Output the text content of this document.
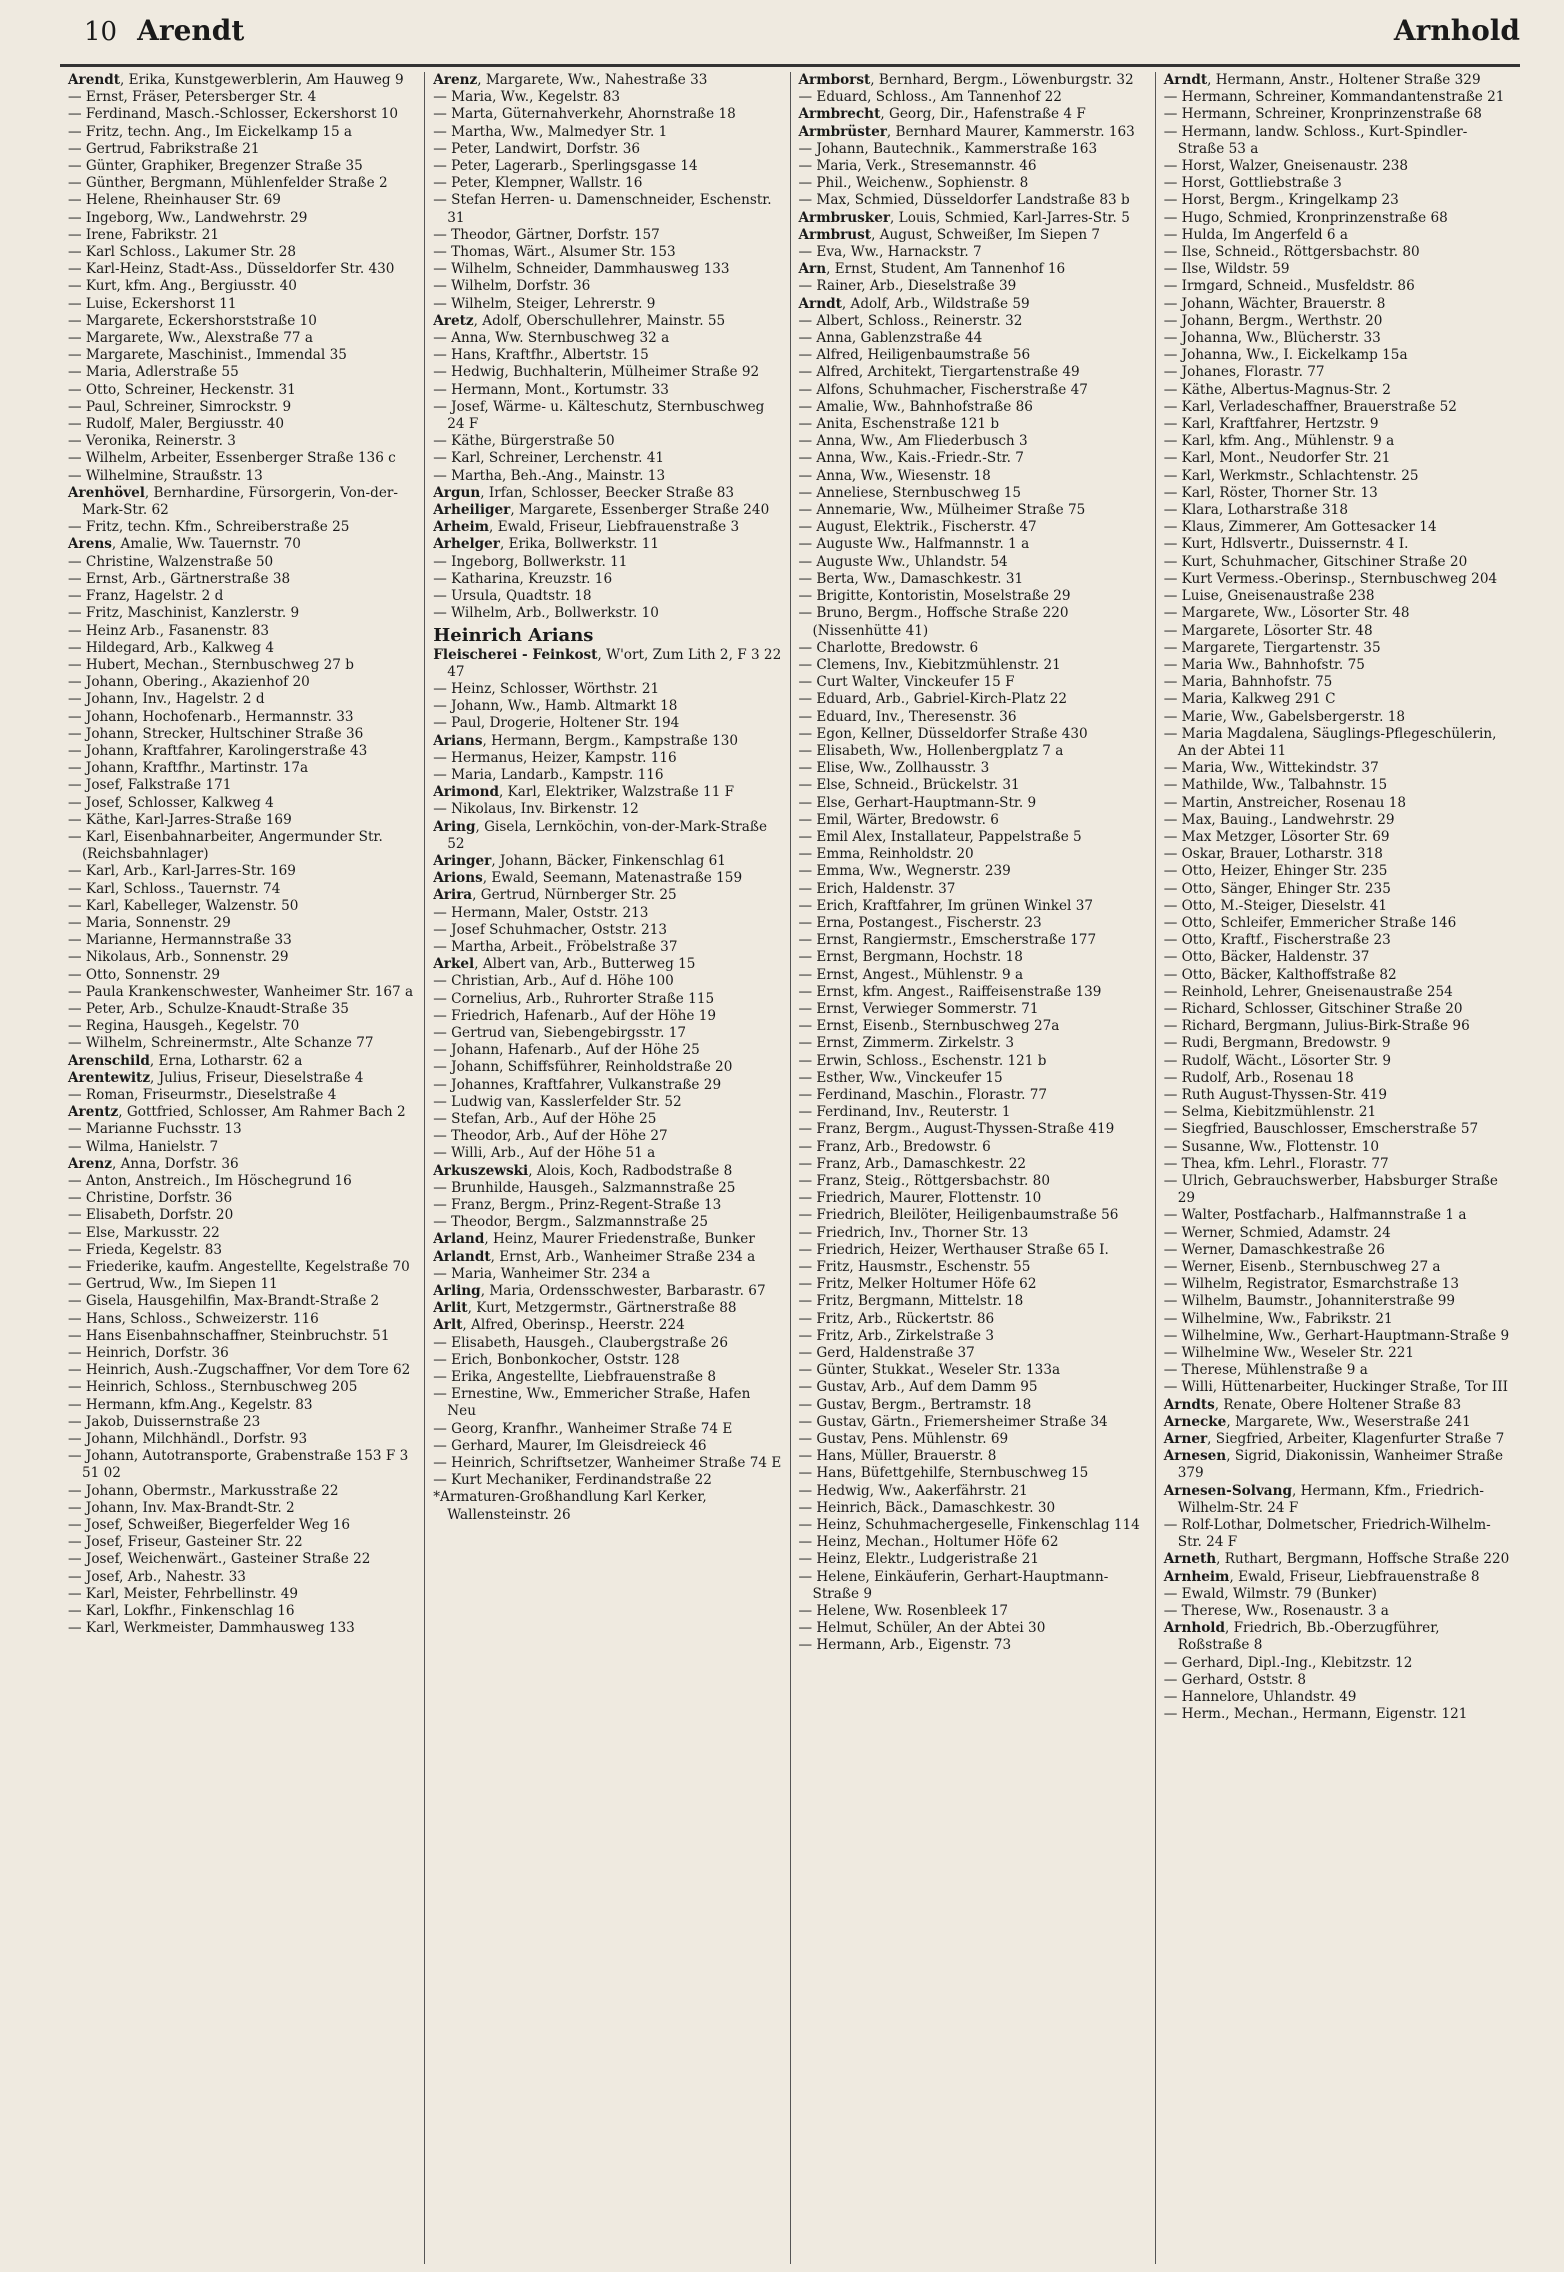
10 Arendt	Arnhold

Arendt, Erika, Kunstgewerblerin, Am Hauweg 9

— Ernst, Fräser, Petersberger Str. 4

— Ferdinand, Masch.-Schlosser, Eckershorst 10

— Fritz, techn. Ang., Im Eickelkamp 15 a

— Gertrud, Fabrikstraße 21

— Günter, Graphiker, Bregenzer Straße 35

— Günther, Bergmann, Mühlenfelder Straße 2

— Helene, Rheinhauser Str. 69

— Ingeborg, Ww., Landwehrstr. 29

— Irene, Fabrikstr. 21

— Karl Schloss., Lakumer Str. 28

— Karl-Heinz, Stadt-Ass., Düsseldorfer Str. 430

— Kurt, kfm. Ang., Bergiusstr. 40

— Luise, Eckershorst 11

— Margarete, Eckershorststraße 10

— Margarete, Ww., Alexstraße 77 a

— Margarete, Maschinist., Immendal 35

— Maria, Adlerstraße 55

— Otto, Schreiner, Heckenstr. 31

— Paul, Schreiner, Simrockstr. 9

— Rudolf, Maler, Bergiusstr. 40

— Veronika, Reinerstr. 3

— Wilhelm, Arbeiter, Essenberger Straße 136 c

— Wilhelmine, Straußstr. 13

Arenhövel, Bernhardine, Fürsorgerin, Von-der-Mark-Str. 62

— Fritz, techn. Kfm., Schreiberstraße 25

Arens, Amalie, Ww. Tauernstr. 70

— Christine, Walzenstraße 50

— Ernst, Arb., Gärtnerstraße 38

— Franz, Hagelstr. 2 d

— Fritz, Maschinist, Kanzlerstr. 9

— Heinz Arb., Fasanenstr. 83

— Hildegard, Arb., Kalkweg 4

— Hubert, Mechan., Sternbuschweg 27 b

— Johann, Obering., Akazienhof 20

— Johann, Inv., Hagelstr. 2 d

— Johann, Hochofenarb., Hermannstr. 33

— Johann, Strecker, Hultschiner Straße 36

— Johann, Kraftfahrer, Karolingerstraße 43

— Johann, Kraftfhr., Martinstr. 17a

— Josef, Falkstraße 171

— Josef, Schlosser, Kalkweg 4

— Käthe, Karl-Jarres-Straße 169

— Karl, Eisenbahnarbeiter, Angermunder Str. (Reichsbahnlager)

— Karl, Arb., Karl-Jarres-Str. 169

— Karl, Schloss., Tauernstr. 74

— Karl, Kabelleger, Walzenstr. 50

— Maria, Sonnenstr. 29

— Marianne, Hermannstraße 33

— Nikolaus, Arb., Sonnenstr. 29

— Otto, Sonnenstr. 29

— Paula Krankenschwester, Wanheimer Str. 167 a

— Peter, Arb., Schulze-Knaudt-Straße 35

— Regina, Hausgeh., Kegelstr. 70

— Wilhelm, Schreinermstr., Alte Schanze 77

Arenschild, Erna, Lotharstr. 62 a

Arentewitz, Julius, Friseur, Dieselstraße 4

— Roman, Friseurmstr., Dieselstraße 4

Arentz, Gottfried, Schlosser, Am Rahmer Bach 2

— Marianne Fuchsstr. 13

— Wilma, Hanielstr. 7

Arenz, Anna, Dorfstr. 36

— Anton, Anstreich., Im Höschegrund 16

— Christine, Dorfstr. 36

— Elisabeth, Dorfstr. 20

— Else, Markusstr. 22

— Frieda, Kegelstr. 83

— Friederike, kaufm. Angestellte, Kegelstraße 70

— Gertrud, Ww., Im Siepen 11

— Gisela, Hausgehilfin, Max-Brandt-Straße 2

— Hans, Schloss., Schweizerstr. 116

— Hans Eisenbahnschaffner, Steinbruchstr. 51

— Heinrich, Dorfstr. 36

— Heinrich, Aush.-Zugschaffner, Vor dem Tore 62

— Heinrich, Schloss., Sternbuschweg 205

— Hermann, kfm.Ang., Kegelstr. 83

— Jakob, Duissernstraße 23

— Johann, Milchhändl., Dorfstr. 93

— Johann, Autotransporte, Grabenstraße 153 F 3 51 02

— Johann, Obermstr., Markusstraße 22

— Johann, Inv. Max-Brandt-Str. 2

— Josef, Schweißer, Biegerfelder Weg 16

— Josef, Friseur, Gasteiner Str. 22

— Josef, Weichenwärt., Gasteiner Straße 22

— Josef, Arb., Nahestr. 33

— Karl, Meister, Fehrbellinstr. 49

— Karl, Lokfhr., Finkenschlag 16

— Karl, Werkmeister, Dammhausweg 133

Arenz, Margarete, Ww., Nahestraße 33

— Maria, Ww., Kegelstr. 83

— Marta, Güternahverkehr, Ahornstraße 18

— Martha, Ww., Malmedyer Str. 1

— Peter, Landwirt, Dorfstr. 36

— Peter, Lagerarb., Sperlingsgasse 14

— Peter, Klempner, Wallstr. 16

— Stefan Herren- u. Damenschneider, Eschenstr. 31

— Theodor, Gärtner, Dorfstr. 157

— Thomas, Wärt., Alsumer Str. 153

— Wilhelm, Schneider, Dammhausweg 133

— Wilhelm, Dorfstr. 36

— Wilhelm, Steiger, Lehrerstr. 9

Aretz, Adolf, Oberschullehrer, Mainstr. 55

— Anna, Ww. Sternbuschweg 32 a

— Hans, Kraftfhr., Albertstr. 15

— Hedwig, Buchhalterin, Mülheimer Straße 92

— Hermann, Mont., Kortumstr. 33

— Josef, Wärme- u. Kälteschutz, Sternbuschweg 24 F

— Käthe, Bürgerstraße 50

— Karl, Schreiner, Lerchenstr. 41

— Martha, Beh.-Ang., Mainstr. 13

Argun, Irfan, Schlosser, Beecker Straße 83

Arheiliger, Margarete, Essenberger Straße 240

Arheim, Ewald, Friseur, Liebfrauenstraße 3

Arhelger, Erika, Bollwerkstr. 11

— Ingeborg, Bollwerkstr. 11

— Katharina, Kreuzstr. 16

— Ursula, Quadtstr. 18

— Wilhelm, Arb., Bollwerkstr. 10

Heinrich Arians

Fleischerei - Feinkost, W'ort, Zum Lith 2, F 3 22 47

— Heinz, Schlosser, Wörthstr. 21

— Johann, Ww., Hamb. Altmarkt 18

— Paul, Drogerie, Holtener Str. 194

Arians, Hermann, Bergm., Kampstraße 130

— Hermanus, Heizer, Kampstr. 116

— Maria, Landarb., Kampstr. 116

Arimond, Karl, Elektriker, Walzstraße 11 F

— Nikolaus, Inv. Birkenstr. 12

Aring, Gisela, Lernköchin, von-der-Mark-Straße 52

Aringer, Johann, Bäcker, Finkenschlag 61

Arions, Ewald, Seemann, Matenastraße 159

Arira, Gertrud, Nürnberger Str. 25

— Hermann, Maler, Oststr. 213

— Josef Schuhmacher, Oststr. 213

— Martha, Arbeit., Fröbelstraße 37

Arkel, Albert van, Arb., Butterweg 15

— Christian, Arb., Auf d. Höhe 100

— Cornelius, Arb., Ruhrorter Straße 115

— Friedrich, Hafenarb., Auf der Höhe 19

— Gertrud van, Siebengebirgsstr. 17

— Johann, Hafenarb., Auf der Höhe 25

— Johann, Schiffsführer, Reinholdstraße 20

— Johannes, Kraftfahrer, Vulkanstraße 29

— Ludwig van, Kasslerfelder Str. 52

— Stefan, Arb., Auf der Höhe 25

— Theodor, Arb., Auf der Höhe 27

— Willi, Arb., Auf der Höhe 51 a

Arkuszewski, Alois, Koch, Radbodstraße 8

— Brunhilde, Hausgeh., Salzmannstraße 25

— Franz, Bergm., Prinz-Regent-Straße 13

— Theodor, Bergm., Salzmannstraße 25

Arland, Heinz, Maurer Friedenstraße, Bunker

Arlandt, Ernst, Arb., Wanheimer Straße 234 a

— Maria, Wanheimer Str. 234 a

Arling, Maria, Ordensschwester, Barbarastr. 67

Arlit, Kurt, Metzgermstr., Gärtnerstraße 88

Arlt, Alfred, Oberinsp., Heerstr. 224

— Elisabeth, Hausgeh., Claubergstraße 26

— Erich, Bonbonkocher, Oststr. 128

— Erika, Angestellte, Liebfrauenstraße 8

— Ernestine, Ww., Emmericher Straße, Hafen Neu

— Georg, Kranfhr., Wanheimer Straße 74 E

— Gerhard, Maurer, Im Gleisdreieck 46

— Heinrich, Schriftsetzer, Wanheimer Straße 74 E

— Kurt Mechaniker, Ferdinandstraße 22

*Armaturen-Großhandlung Karl Kerker, Wallensteinstr. 26

Armborst, Bernhard, Bergm., Löwenburgstr. 32

— Eduard, Schloss., Am Tannenhof 22

Armbrecht, Georg, Dir., Hafenstraße 4 F

Armbrüster, Bernhard Maurer, Kammerstr. 163

— Johann, Bautechnik., Kammerstraße 163

— Maria, Verk., Stresemannstr. 46

— Phil., Weichenw., Sophienstr. 8

— Max, Schmied, Düsseldorfer Landstraße 83 b

Armbrusker, Louis, Schmied, Karl-Jarres-Str. 5

Armbrust, August, Schweißer, Im Siepen 7

— Eva, Ww., Harnackstr. 7

Arn, Ernst, Student, Am Tannenhof 16

— Rainer, Arb., Dieselstraße 39

Arndt, Adolf, Arb., Wildstraße 59

— Albert, Schloss., Reinerstr. 32

— Anna, Gablenzstraße 44

— Alfred, Heiligenbaumstraße 56

— Alfred, Architekt, Tiergartenstraße 49

— Alfons, Schuhmacher, Fischerstraße 47

— Amalie, Ww., Bahnhofstraße 86

— Anita, Eschenstraße 121 b

— Anna, Ww., Am Fliederbusch 3

— Anna, Ww., Kais.-Friedr.-Str. 7

— Anna, Ww., Wiesenstr. 18

— Anneliese, Sternbuschweg 15

— Annemarie, Ww., Mülheimer Straße 75

— August, Elektrik., Fischerstr. 47

— Auguste Ww., Halfmannstr. 1 a

— Auguste Ww., Uhlandstr. 54

— Berta, Ww., Damaschkestr. 31

— Brigitte, Kontoristin, Moselstraße 29

— Bruno, Bergm., Hoffsche Straße 220 (Nissenhütte 41)

— Charlotte, Bredowstr. 6

— Clemens, Inv., Kiebitzmühlenstr. 21

— Curt Walter, Vinckeufer 15 F

— Eduard, Arb., Gabriel-Kirch-Platz 22

— Eduard, Inv., Theresenstr. 36

— Egon, Kellner, Düsseldorfer Straße 430

— Elisabeth, Ww., Hollenbergplatz 7 a

— Elise, Ww., Zollhausstr. 3

— Else, Schneid., Brückelstr. 31

— Else, Gerhart-Hauptmann-Str. 9

— Emil, Wärter, Bredowstr. 6

— Emil Alex, Installateur, Pappelstraße 5

— Emma, Reinholdstr. 20

— Emma, Ww., Wegnerstr. 239

— Erich, Haldenstr. 37

— Erich, Kraftfahrer, Im grünen Winkel 37

— Erna, Postangest., Fischerstr. 23

— Ernst, Rangiermstr., Emscherstraße 177

— Ernst, Bergmann, Hochstr. 18

— Ernst, Angest., Mühlenstr. 9 a

— Ernst, kfm. Angest., Raiffeisenstraße 139

— Ernst, Verwieger Sommerstr. 71

— Ernst, Eisenb., Sternbuschweg 27a

— Ernst, Zimmerm. Zirkelstr. 3

— Erwin, Schloss., Eschenstr. 121 b

— Esther, Ww., Vinckeufer 15

— Ferdinand, Maschin., Florastr. 77

— Ferdinand, Inv., Reuterstr. 1

— Franz, Bergm., August-Thyssen-Straße 419

— Franz, Arb., Bredowstr. 6

— Franz, Arb., Damaschkestr. 22

— Franz, Steig., Röttgersbachstr. 80

— Friedrich, Maurer, Flottenstr. 10

— Friedrich, Bleilöter, Heiligenbaumstraße 56

— Friedrich, Inv., Thorner Str. 13

— Friedrich, Heizer, Werthauser Straße 65 I.

— Fritz, Hausmstr., Eschenstr. 55

— Fritz, Melker Holtumer Höfe 62

— Fritz, Bergmann, Mittelstr. 18

— Fritz, Arb., Rückertstr. 86

— Fritz, Arb., Zirkelstraße 3

— Gerd, Haldenstraße 37

— Günter, Stukkat., Weseler Str. 133a

— Gustav, Arb., Auf dem Damm 95

— Gustav, Bergm., Bertramstr. 18

— Gustav, Gärtn., Friemersheimer Straße 34

— Gustav, Pens. Mühlenstr. 69

— Hans, Müller, Brauerstr. 8

— Hans, Büfettgehilfe, Sternbuschweg 15

— Hedwig, Ww., Aakerfährstr. 21

— Heinrich, Bäck., Damaschkestr. 30

— Heinz, Schuhmachergeselle, Finkenschlag 114

— Heinz, Mechan., Holtumer Höfe 62

— Heinz, Elektr., Ludgeristraße 21

— Helene, Einkäuferin, Gerhart-Hauptmann-Straße 9

— Helene, Ww. Rosenbleek 17

— Helmut, Schüler, An der Abtei 30

— Hermann, Arb., Eigenstr. 73

Arndt, Hermann, Anstr., Holtener Straße 329

— Hermann, Schreiner, Kommandantenstraße 21

— Hermann, Schreiner, Kronprinzenstraße 68

— Hermann, landw. Schloss., Kurt-Spindler-Straße 53 a

— Horst, Walzer, Gneisenaustr. 238

— Horst, Gottliebstraße 3

— Horst, Bergm., Kringelkamp 23

— Hugo, Schmied, Kronprinzenstraße 68

— Hulda, Im Angerfeld 6 a

— Ilse, Schneid., Röttgersbachstr. 80

— Ilse, Wildstr. 59

— Irmgard, Schneid., Musfeldstr. 86

— Johann, Wächter, Brauerstr. 8

— Johann, Bergm., Werthstr. 20

— Johanna, Ww., Blücherstr. 33

— Johanna, Ww., I. Eickelkamp 15a

— Johanes, Florastr. 77

— Käthe, Albertus-Magnus-Str. 2

— Karl, Verladeschaffner, Brauerstraße 52

— Karl, Kraftfahrer, Hertzstr. 9

— Karl, kfm. Ang., Mühlenstr. 9 a

— Karl, Mont., Neudorfer Str. 21

— Karl, Werkmstr., Schlachtenstr. 25

— Karl, Röster, Thorner Str. 13

— Klara, Lotharstraße 318

— Klaus, Zimmerer, Am Gottesacker 14

— Kurt, Hdlsvertr., Duissernstr. 4 I.

— Kurt, Schuhmacher, Gitschiner Straße 20

— Kurt Vermess.-Oberinsp., Sternbuschweg 204

— Luise, Gneisenaustraße 238

— Margarete, Ww., Lösorter Str. 48

— Margarete, Lösorter Str. 48

— Margarete, Tiergartenstr. 35

— Maria Ww., Bahnhofstr. 75

— Maria, Bahnhofstr. 75

— Maria, Kalkweg 291 C

— Marie, Ww., Gabelsbergerstr. 18

— Maria Magdalena, Säuglings-Pflegeschülerin, An der Abtei 11

— Maria, Ww., Wittekindstr. 37

— Mathilde, Ww., Talbahnstr. 15

— Martin, Anstreicher, Rosenau 18

— Max, Bauing., Landwehrstr. 29

— Max Metzger, Lösorter Str. 69

— Oskar, Brauer, Lotharstr. 318

— Otto, Heizer, Ehinger Str. 235

— Otto, Sänger, Ehinger Str. 235

— Otto, M.-Steiger, Dieselstr. 41

— Otto, Schleifer, Emmericher Straße 146

— Otto, Kraftf., Fischerstraße 23

— Otto, Bäcker, Haldenstr. 37

— Otto, Bäcker, Kalthoffstraße 82

— Reinhold, Lehrer, Gneisenaustraße 254

— Richard, Schlosser, Gitschiner Straße 20

— Richard, Bergmann, Julius-Birk-Straße 96

— Rudi, Bergmann, Bredowstr. 9

— Rudolf, Wächt., Lösorter Str. 9

— Rudolf, Arb., Rosenau 18

— Ruth August-Thyssen-Str. 419

— Selma, Kiebitzmühlenstr. 21

— Siegfried, Bauschlosser, Emscherstraße 57

— Susanne, Ww., Flottenstr. 10

— Thea, kfm. Lehrl., Florastr. 77

— Ulrich, Gebrauchswerber, Habsburger Straße 29

— Walter, Postfacharb., Halfmannstraße 1 a

— Werner, Schmied, Adamstr. 24

— Werner, Damaschkestraße 26

— Werner, Eisenb., Sternbuschweg 27 a

— Wilhelm, Registrator, Esmarchstraße 13

— Wilhelm, Baumstr., Johanniterstraße 99

— Wilhelmine, Ww., Fabrikstr. 21

— Wilhelmine, Ww., Gerhart-Hauptmann-Straße 9

— Wilhelmine Ww., Weseler Str. 221

— Therese, Mühlenstraße 9 a

— Willi, Hüttenarbeiter, Huckinger Straße, Tor III

Arndts, Renate, Obere Holtener Straße 83

Arnecke, Margarete, Ww., Weserstraße 241

Arner, Siegfried, Arbeiter, Klagenfurter Straße 7

Arnesen, Sigrid, Diakonissin, Wanheimer Straße 379

Arnesen-Solvang, Hermann, Kfm., Friedrich-Wilhelm-Str. 24 F

— Rolf-Lothar, Dolmetscher, Friedrich-Wilhelm-Str. 24 F

Arneth, Ruthart, Bergmann, Hoffsche Straße 220

Arnheim, Ewald, Friseur, Liebfrauenstraße 8

— Ewald, Wilmstr. 79 (Bunker)

— Therese, Ww., Rosenaustr. 3 a

Arnhold, Friedrich, Bb.-Oberzugführer, Roßstraße 8

— Gerhard, Dipl.-Ing., Klebitzstr. 12

— Gerhard, Oststr. 8

— Hannelore, Uhlandstr. 49

— Herm., Mechan., Hermann, Eigenstr. 121
